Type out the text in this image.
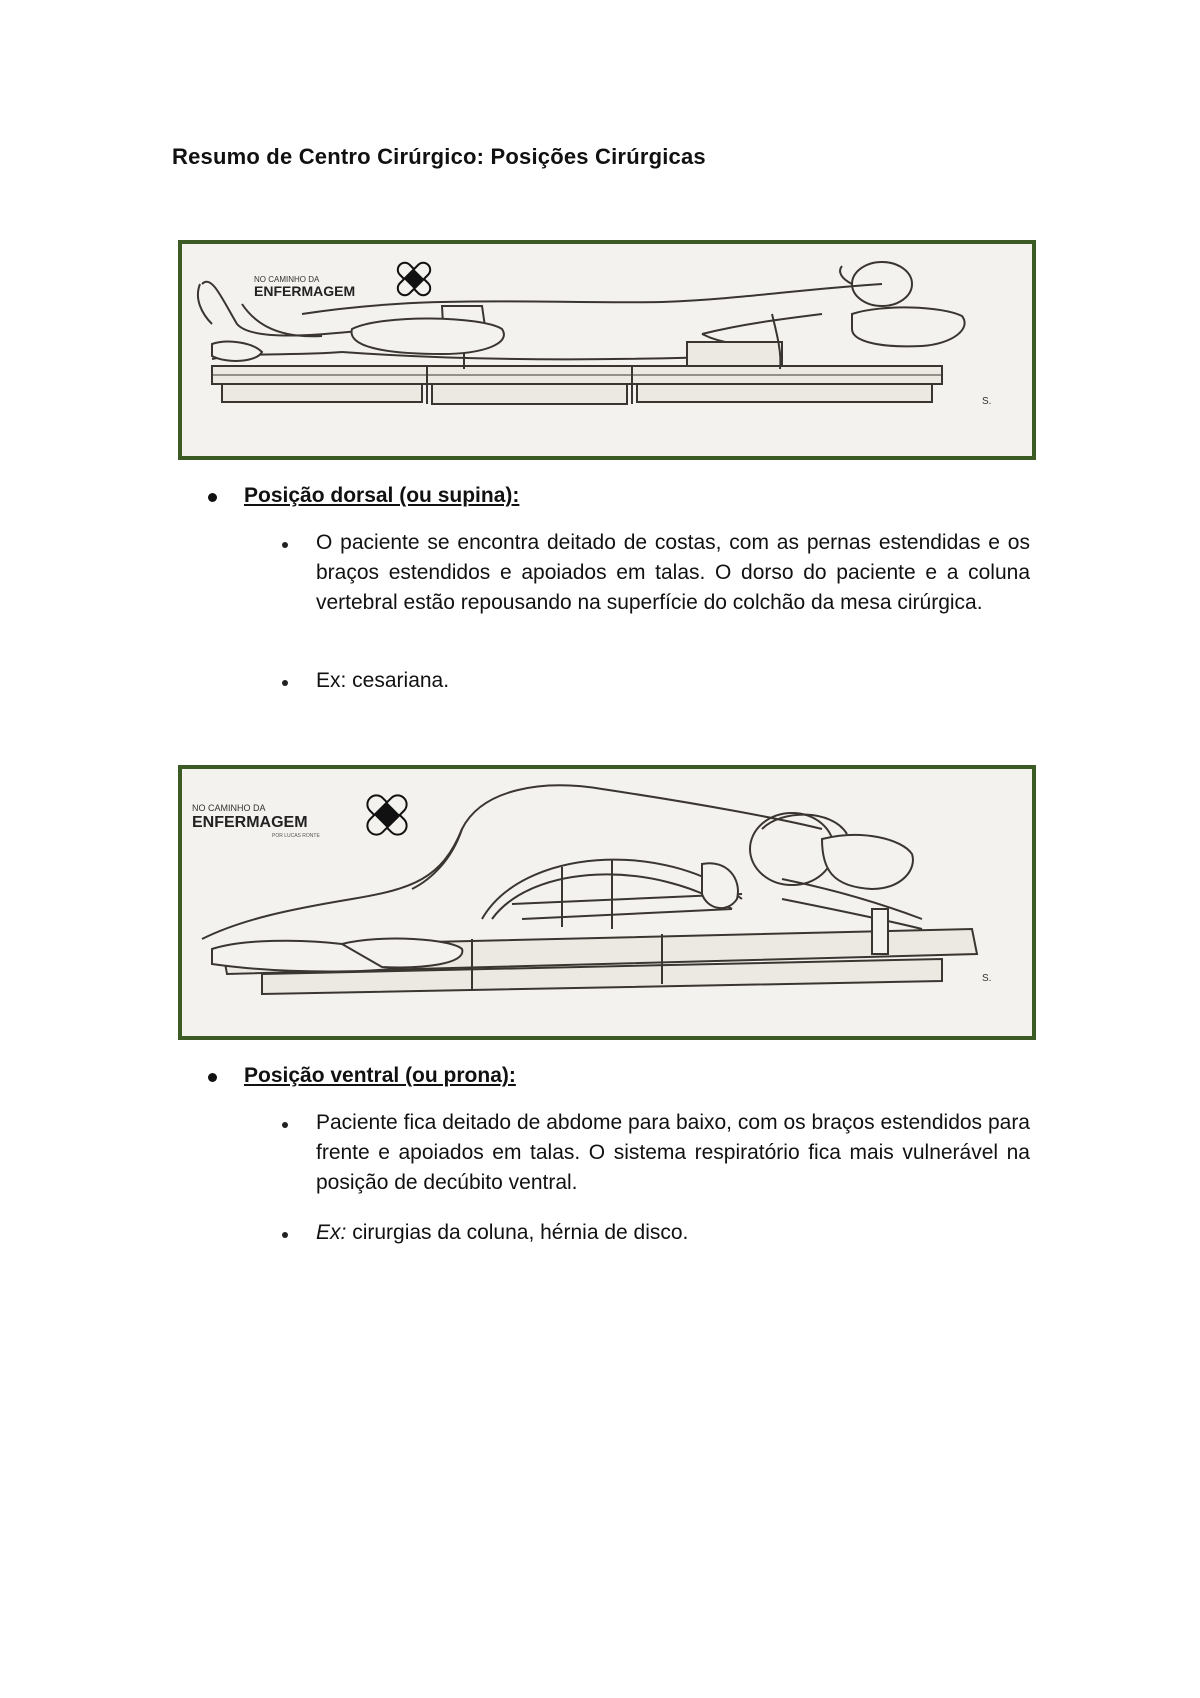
Resumo de Centro Cirúrgico: Posições Cirúrgicas
NO CAMINHO DA
ENFERMAGEM
S.
Posição dorsal (ou supina):
O paciente se encontra deitado de costas, com as pernas estendidas e os braços estendidos e apoiados em talas. O dorso do paciente e a coluna vertebral estão repousando na superfície do colchão da mesa cirúrgica.
Ex: cesariana.
NO CAMINHO DA
ENFERMAGEM
POR LUCAS RONTE
S.
Posição ventral (ou prona):
Paciente fica deitado de abdome para baixo, com os braços estendidos para frente e apoiados em talas. O sistema respiratório fica mais vulnerável na posição de decúbito ventral.
Ex: cirurgias da coluna, hérnia de disco.
